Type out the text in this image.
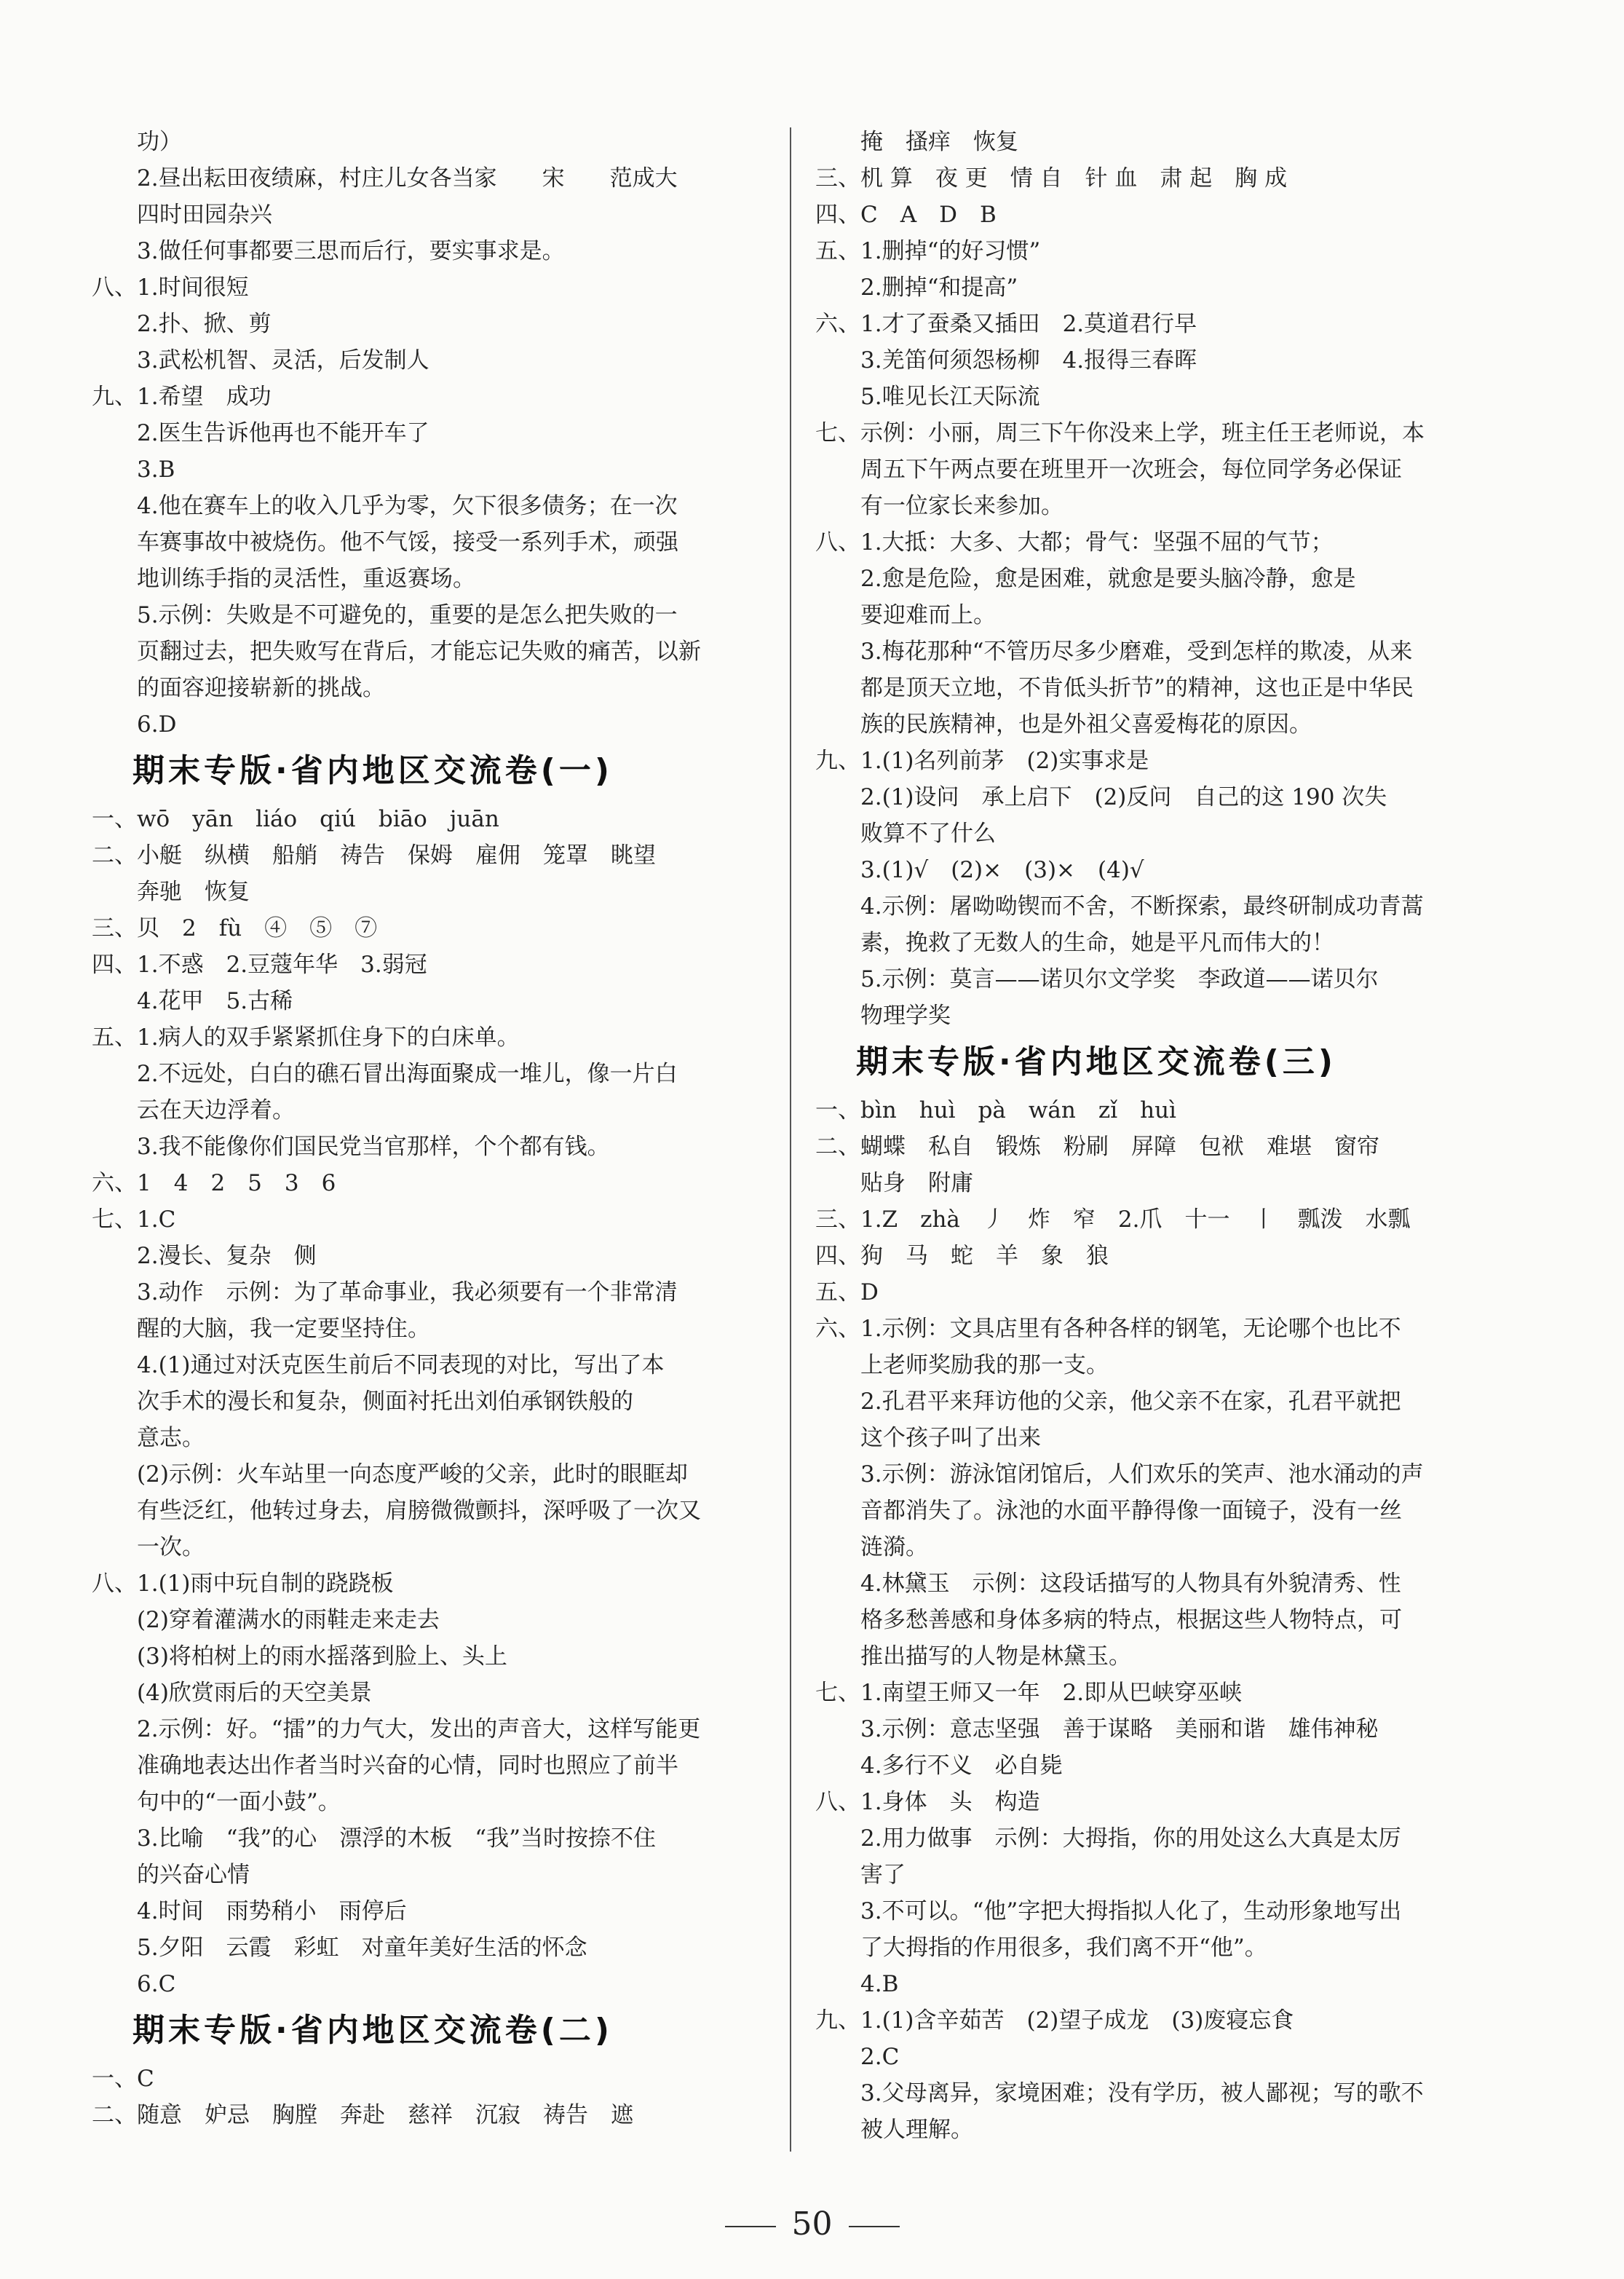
功）
2.昼出耘田夜绩麻，村庄儿女各当家　　宋　　范成大
四时田园杂兴
3.做任何事都要三思而后行，要实事求是。
八、1.时间很短
2.扑、掀、剪
3.武松机智、灵活，后发制人
九、1.希望　成功
2.医生告诉他再也不能开车了
3.B
4.他在赛车上的收入几乎为零，欠下很多债务；在一次
车赛事故中被烧伤。他不气馁，接受一系列手术，顽强
地训练手指的灵活性，重返赛场。
5.示例：失败是不可避免的，重要的是怎么把失败的一
页翻过去，把失败写在背后，才能忘记失败的痛苦，以新
的面容迎接崭新的挑战。
6.D
期末专版·省内地区交流卷(一)
一、wō　yān　liáo　qiú　biāo　juān
二、小艇　纵横　船艄　祷告　保姆　雇佣　笼罩　眺望
奔驰　恢复
三、贝　2　fù　④　⑤　⑦
四、1.不惑　2.豆蔻年华　3.弱冠
4.花甲　5.古稀
五、1.病人的双手紧紧抓住身下的白床单。
2.不远处，白白的礁石冒出海面聚成一堆儿，像一片白
云在天边浮着。
3.我不能像你们国民党当官那样，个个都有钱。
六、1　4　2　5　3　6
七、1.C
2.漫长、复杂　侧
3.动作　示例：为了革命事业，我必须要有一个非常清
醒的大脑，我一定要坚持住。
4.(1)通过对沃克医生前后不同表现的对比，写出了本
次手术的漫长和复杂，侧面衬托出刘伯承钢铁般的
意志。
(2)示例：火车站里一向态度严峻的父亲，此时的眼眶却
有些泛红，他转过身去，肩膀微微颤抖，深呼吸了一次又
一次。
八、1.(1)雨中玩自制的跷跷板
(2)穿着灌满水的雨鞋走来走去
(3)将柏树上的雨水摇落到脸上、头上
(4)欣赏雨后的天空美景
2.示例：好。“擂”的力气大，发出的声音大，这样写能更
准确地表达出作者当时兴奋的心情，同时也照应了前半
句中的“一面小鼓”。
3.比喻　“我”的心　漂浮的木板　“我”当时按捺不住
的兴奋心情
4.时间　雨势稍小　雨停后
5.夕阳　云霞　彩虹　对童年美好生活的怀念
6.C
期末专版·省内地区交流卷(二)
一、C
二、随意　妒忌　胸膛　奔赴　慈祥　沉寂　祷告　遮
掩　搔痒　恢复
三、机 算　夜 更　情 自　针 血　肃 起　胸 成
四、C　A　D　B
五、1.删掉“的好习惯”
2.删掉“和提高”
六、1.才了蚕桑又插田　2.莫道君行早
3.羌笛何须怨杨柳　4.报得三春晖
5.唯见长江天际流
七、示例：小丽，周三下午你没来上学，班主任王老师说，本
周五下午两点要在班里开一次班会，每位同学务必保证
有一位家长来参加。
八、1.大抵：大多、大都；骨气：坚强不屈的气节；
2.愈是危险，愈是困难，就愈是要头脑冷静，愈是
要迎难而上。
3.梅花那种“不管历尽多少磨难，受到怎样的欺凌，从来
都是顶天立地，不肯低头折节”的精神，这也正是中华民
族的民族精神，也是外祖父喜爱梅花的原因。
九、1.(1)名列前茅　(2)实事求是
2.(1)设问　承上启下　(2)反问　自己的这 190 次失
败算不了什么
3.(1)√　(2)×　(3)×　(4)√
4.示例：屠呦呦锲而不舍，不断探索，最终研制成功青蒿
素，挽救了无数人的生命，她是平凡而伟大的！
5.示例：莫言——诺贝尔文学奖　李政道——诺贝尔
物理学奖
期末专版·省内地区交流卷(三)
一、bìn　huì　pà　wán　zǐ　huì
二、蝴蝶　私自　锻炼　粉刷　屏障　包袱　难堪　窗帘
贴身　附庸
三、1.Z　zhà　丿　炸　窄　2.爪　十一　丨　瓢泼　水瓢
四、狗　马　蛇　羊　象　狼
五、D
六、1.示例：文具店里有各种各样的钢笔，无论哪个也比不
上老师奖励我的那一支。
2.孔君平来拜访他的父亲，他父亲不在家，孔君平就把
这个孩子叫了出来
3.示例：游泳馆闭馆后，人们欢乐的笑声、池水涌动的声
音都消失了。泳池的水面平静得像一面镜子，没有一丝
涟漪。
4.林黛玉　示例：这段话描写的人物具有外貌清秀、性
格多愁善感和身体多病的特点，根据这些人物特点，可
推出描写的人物是林黛玉。
七、1.南望王师又一年　2.即从巴峡穿巫峡
3.示例：意志坚强　善于谋略　美丽和谐　雄伟神秘
4.多行不义　必自毙
八、1.身体　头　构造
2.用力做事　示例：大拇指，你的用处这么大真是太厉
害了
3.不可以。“他”字把大拇指拟人化了，生动形象地写出
了大拇指的作用很多，我们离不开“他”。
4.B
九、1.(1)含辛茹苦　(2)望子成龙　(3)废寝忘食
2.C
3.父母离异，家境困难；没有学历，被人鄙视；写的歌不
被人理解。
50
